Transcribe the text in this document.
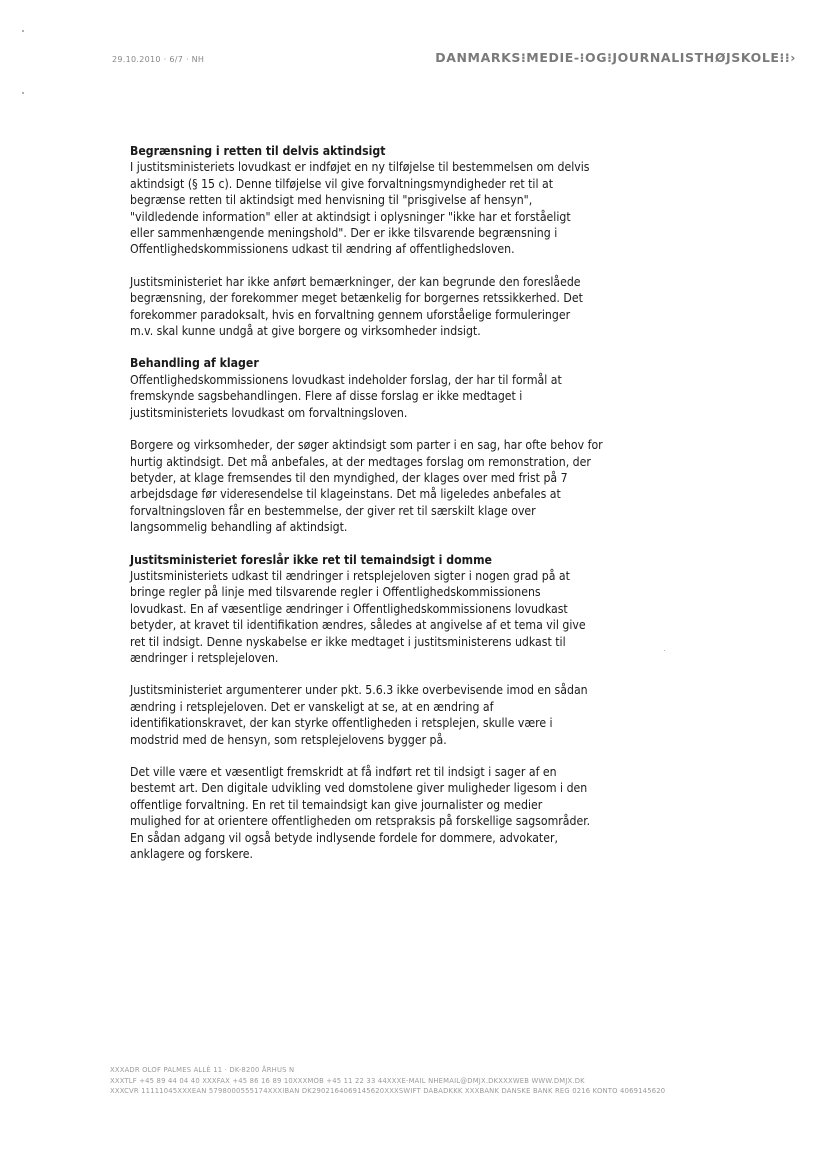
29.10.2010 · 6/7 · NH	DANMARKS⁝MEDIE-⁝OG⁝JOURNALISTHØJSKOLE⁝⁝›
Begrænsning i retten til delvis aktindsigt
I justitsministeriets lovudkast er indføjet en ny tilføjelse til bestemmelsen om delvis
aktindsigt (§ 15 c). Denne tilføjelse vil give forvaltningsmyndigheder ret til at
begrænse retten til aktindsigt med henvisning til "prisgivelse af hensyn",
"vildledende information" eller at aktindsigt i oplysninger "ikke har et forståeligt
eller sammenhængende meningshold". Der er ikke tilsvarende begrænsning i
Offentlighedskommissionens udkast til ændring af offentlighedsloven.
Justitsministeriet har ikke anført bemærkninger, der kan begrunde den foreslåede
begrænsning, der forekommer meget betænkelig for borgernes retssikkerhed. Det
forekommer paradoksalt, hvis en forvaltning gennem uforståelige formuleringer
m.v. skal kunne undgå at give borgere og virksomheder indsigt.
Behandling af klager
Offentlighedskommissionens lovudkast indeholder forslag, der har til formål at
fremskynde sagsbehandlingen. Flere af disse forslag er ikke medtaget i
justitsministeriets lovudkast om forvaltningsloven.
Borgere og virksomheder, der søger aktindsigt som parter i en sag, har ofte behov for
hurtig aktindsigt. Det må anbefales, at der medtages forslag om remonstration, der
betyder, at klage fremsendes til den myndighed, der klages over med frist på 7
arbejdsdage før videresendelse til klageinstans. Det må ligeledes anbefales at
forvaltningsloven får en bestemmelse, der giver ret til særskilt klage over
langsommelig behandling af aktindsigt.
Justitsministeriet foreslår ikke ret til temaindsigt i domme
Justitsministeriets udkast til ændringer i retsplejeloven sigter i nogen grad på at
bringe regler på linje med tilsvarende regler i Offentlighedskommissionens
lovudkast. En af væsentlige ændringer i Offentlighedskommissionens lovudkast
betyder, at kravet til identifikation ændres, således at angivelse af et tema vil give
ret til indsigt. Denne nyskabelse er ikke medtaget i justitsministerens udkast til
ændringer i retsplejeloven.
Justitsministeriet argumenterer under pkt. 5.6.3 ikke overbevisende imod en sådan
ændring i retsplejeloven. Det er vanskeligt at se, at en ændring af
identifikationskravet, der kan styrke offentligheden i retsplejen, skulle være i
modstrid med de hensyn, som retsplejelovens bygger på.
Det ville være et væsentligt fremskridt at få indført ret til indsigt i sager af en
bestemt art. Den digitale udvikling ved domstolene giver muligheder ligesom i den
offentlige forvaltning. En ret til temaindsigt kan give journalister og medier
mulighed for at orientere offentligheden om retspraksis på forskellige sagsområder.
En sådan adgang vil også betyde indlysende fordele for dommere, advokater,
anklagere og forskere.
XXXADR OLOF PALMES ALLÉ 11 · DK-8200 ÅRHUS N
XXXTLF +45 89 44 04 40 XXXFAX +45 86 16 89 10XXXMOB +45 11 22 33 44XXXE-MAIL NHEMAIL@DMJX.DKXXXWEB WWW.DMJX.DK
XXXCVR 11111045XXXEAN 5798000555174XXXIBAN DK2902164069145620XXXSWIFT DABADKKK XXXBANK DANSKE BANK REG 0216 KONTO 4069145620
